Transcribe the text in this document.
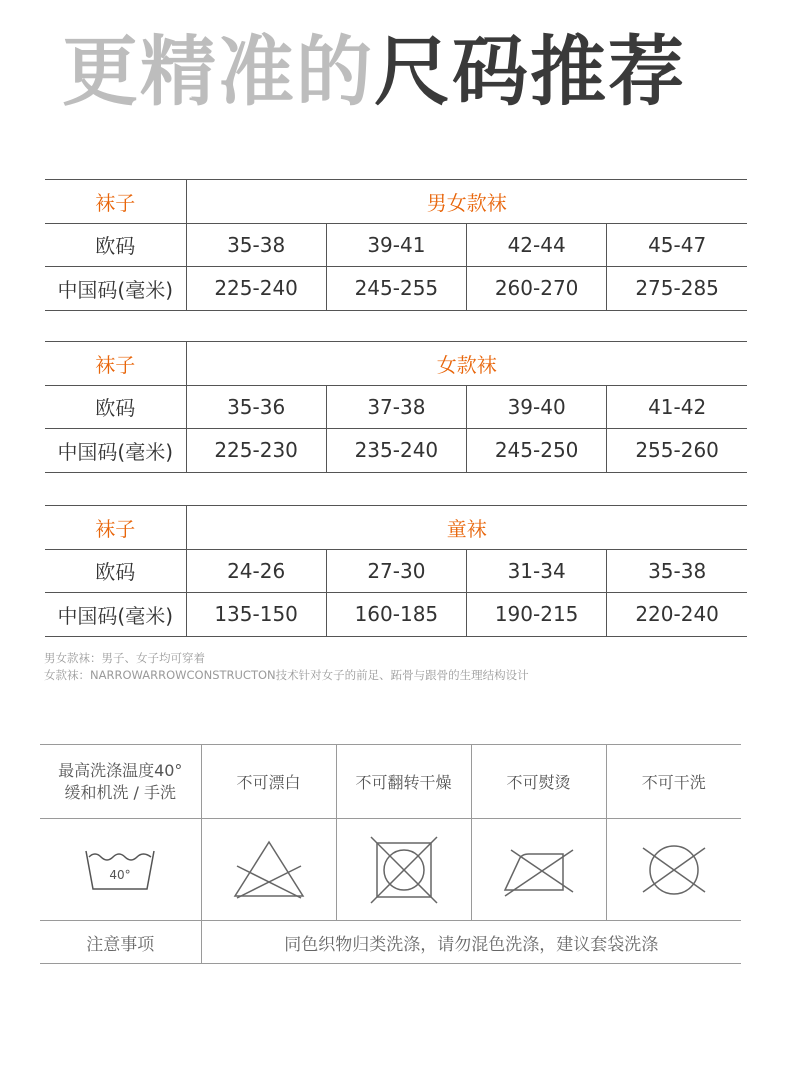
更精准的尺码推荐
袜子	男女款袜			
欧码	35-38	39-41	42-44	45-47
中国码(毫米)	225-240	245-255	260-270	275-285
袜子	女款袜			
欧码	35-36	37-38	39-40	41-42
中国码(毫米)	225-230	235-240	245-250	255-260
袜子	童袜			
欧码	24-26	27-30	31-34	35-38
中国码(毫米)	135-150	160-185	190-215	220-240
男女款袜：男子、女子均可穿着
女款袜：NARROWARROWCONSTRUCTON技术针对女子的前足、跖骨与跟骨的生理结构设计
最高洗涤温度40°
缓和机洗 / 手洗	不可漂白	不可翻转干燥	不可熨烫	不可干洗

40°

注意事项	同色织物归类洗涤，请勿混色洗涤，建议套袋洗涤			
